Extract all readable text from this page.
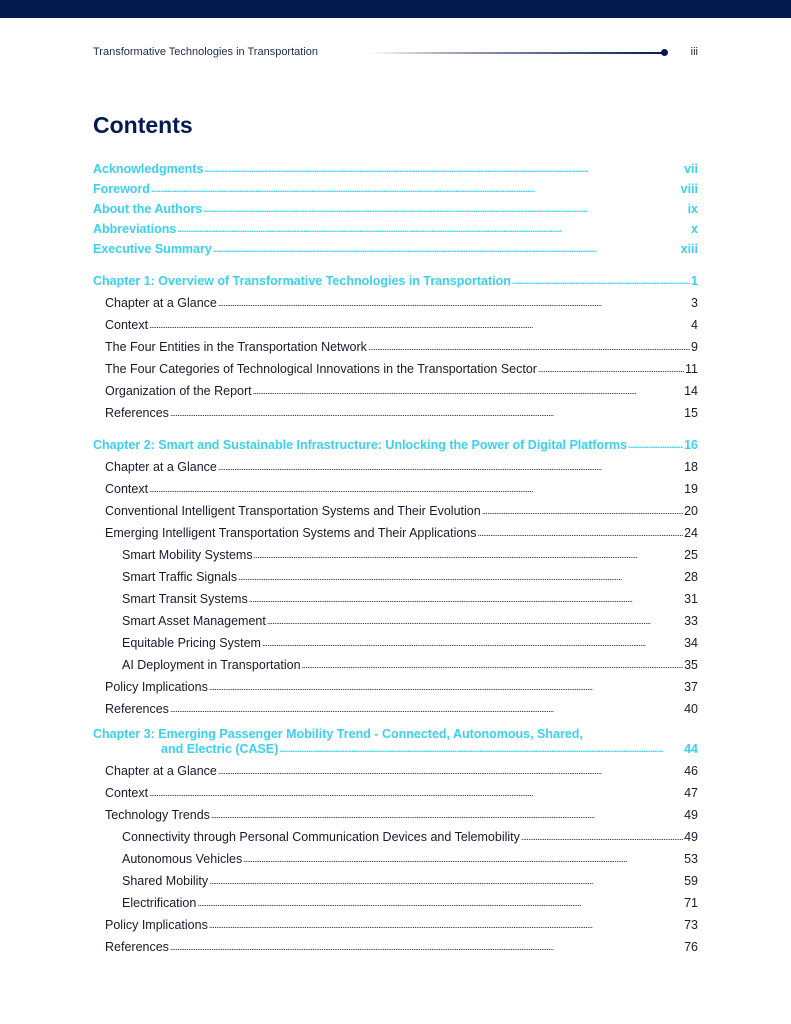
Transformative Technologies in Transportation	iii
Contents
Acknowledgments . . .	vii
Foreword . . .	viii
About the Authors . . .	ix
Abbreviations . . .	x
Executive Summary . . .	xiii
Chapter 1: Overview of Transformative Technologies in Transportation . . .	1
Chapter at a Glance . . .	3
Context . . .	4
The Four Entities in the Transportation Network . . .	9
The Four Categories of Technological Innovations in the Transportation Sector . . .	11
Organization of the Report . . .	14
References . . .	15
Chapter 2: Smart and Sustainable Infrastructure: Unlocking the Power of Digital Platforms . . .	16
Chapter at a Glance . . .	18
Context . . .	19
Conventional Intelligent Transportation Systems and Their Evolution . . .	20
Emerging Intelligent Transportation Systems and Their Applications . . .	24
Smart Mobility Systems . . .	25
Smart Traffic Signals . . .	28
Smart Transit Systems . . .	31
Smart Asset Management . . .	33
Equitable Pricing System . . .	34
AI Deployment in Transportation . . .	35
Policy Implications . . .	37
References . . .	40
Chapter 3: Emerging Passenger Mobility Trend - Connected, Autonomous, Shared,
and Electric (CASE) . . .	44
Chapter at a Glance . . .	46
Context . . .	47
Technology Trends . . .	49
Connectivity through Personal Communication Devices and Telemobility . . .	49
Autonomous Vehicles . . .	53
Shared Mobility . . .	59
Electrification . . .	71
Policy Implications . . .	73
References . . .	76
